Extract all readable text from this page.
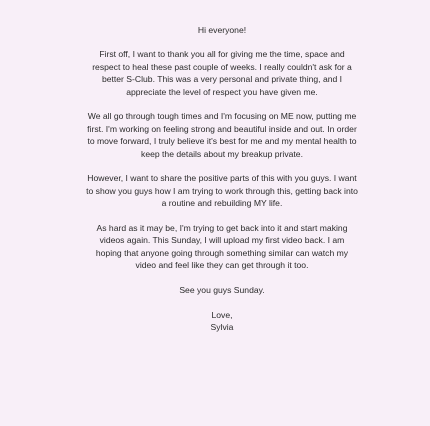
Hi everyone!

First off, I want to thank you all for giving me the time, space and respect to heal these past couple of weeks. I really couldn't ask for a better S-Club. This was a very personal and private thing, and I appreciate the level of respect you have given me.

We all go through tough times and I'm focusing on ME now, putting me first. I'm working on feeling strong and beautiful inside and out. In order to move forward, I truly believe it's best for me and my mental health to keep the details about my breakup private.

However, I want to share the positive parts of this with you guys. I want to show you guys how I am trying to work through this, getting back into a routine and rebuilding MY life.

As hard as it may be, I'm trying to get back into it and start making videos again. This Sunday, I will upload my first video back. I am hoping that anyone going through something similar can watch my video and feel like they can get through it too.

See you guys Sunday.

Love,

Sylvia
